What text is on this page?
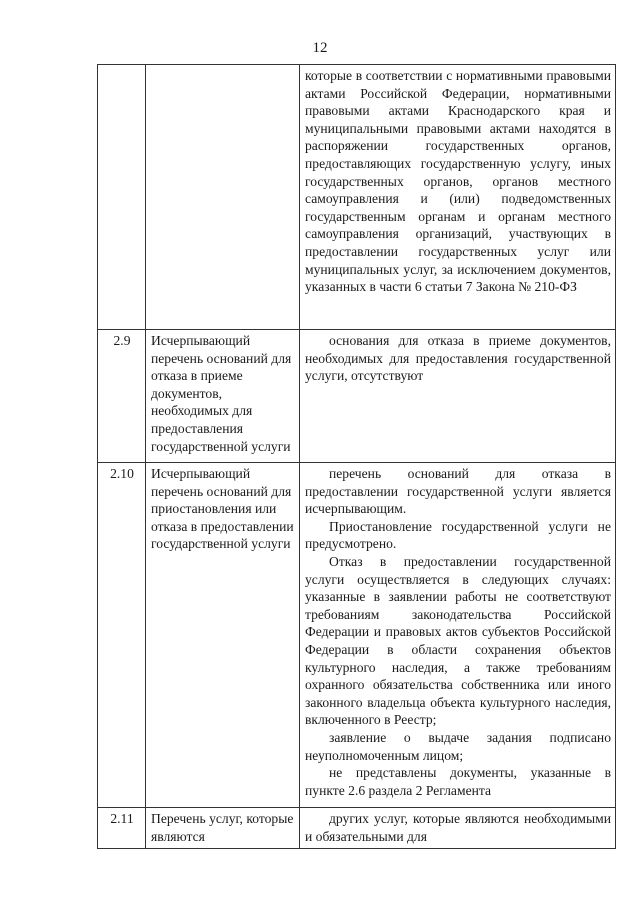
12

		которые в соответствии с нормативными правовыми актами Российской Федерации, нормативными правовыми актами Краснодарского края и муниципальными правовыми актами находятся в распоряжении государственных органов, предоставляющих государственную услугу, иных государственных органов, органов местного самоуправления и (или) подведомственных государственным органам и органам местного самоуправления организаций, участвующих в предоставлении государственных услуг или муниципальных услуг, за исключением документов, указанных в части 6 статьи 7 Закона № 210-ФЗ

2.9	Исчерпывающий перечень оснований для отказа в приеме документов, необходимых для предоставления государственной услуги	основания для отказа в приеме документов, необходимых для предоставления государственной услуги, отсутствуют

2.10	Исчерпывающий перечень оснований для приостановления или отказа в предоставлении государственной услуги	перечень оснований для отказа в предоставлении государственной услуги является исчерпывающим.

Приостановление государственной услуги не предусмотрено.

Отказ в предоставлении государственной услуги осуществляется в следующих случаях: указанные в заявлении работы не соответствуют требованиям законодательства Российской Федерации и правовых актов субъектов Российской Федерации в области сохранения объектов культурного наследия, а также требованиям охранного обязательства собственника или иного законного владельца объекта культурного наследия, включенного в Реестр;

заявление о выдаче задания подписано неуполномоченным лицом;

не представлены документы, указанные в пункте 2.6 раздела 2 Регламента

2.11	Перечень услуг, которые являются	других услуг, которые являются необходимыми и обязательными для
